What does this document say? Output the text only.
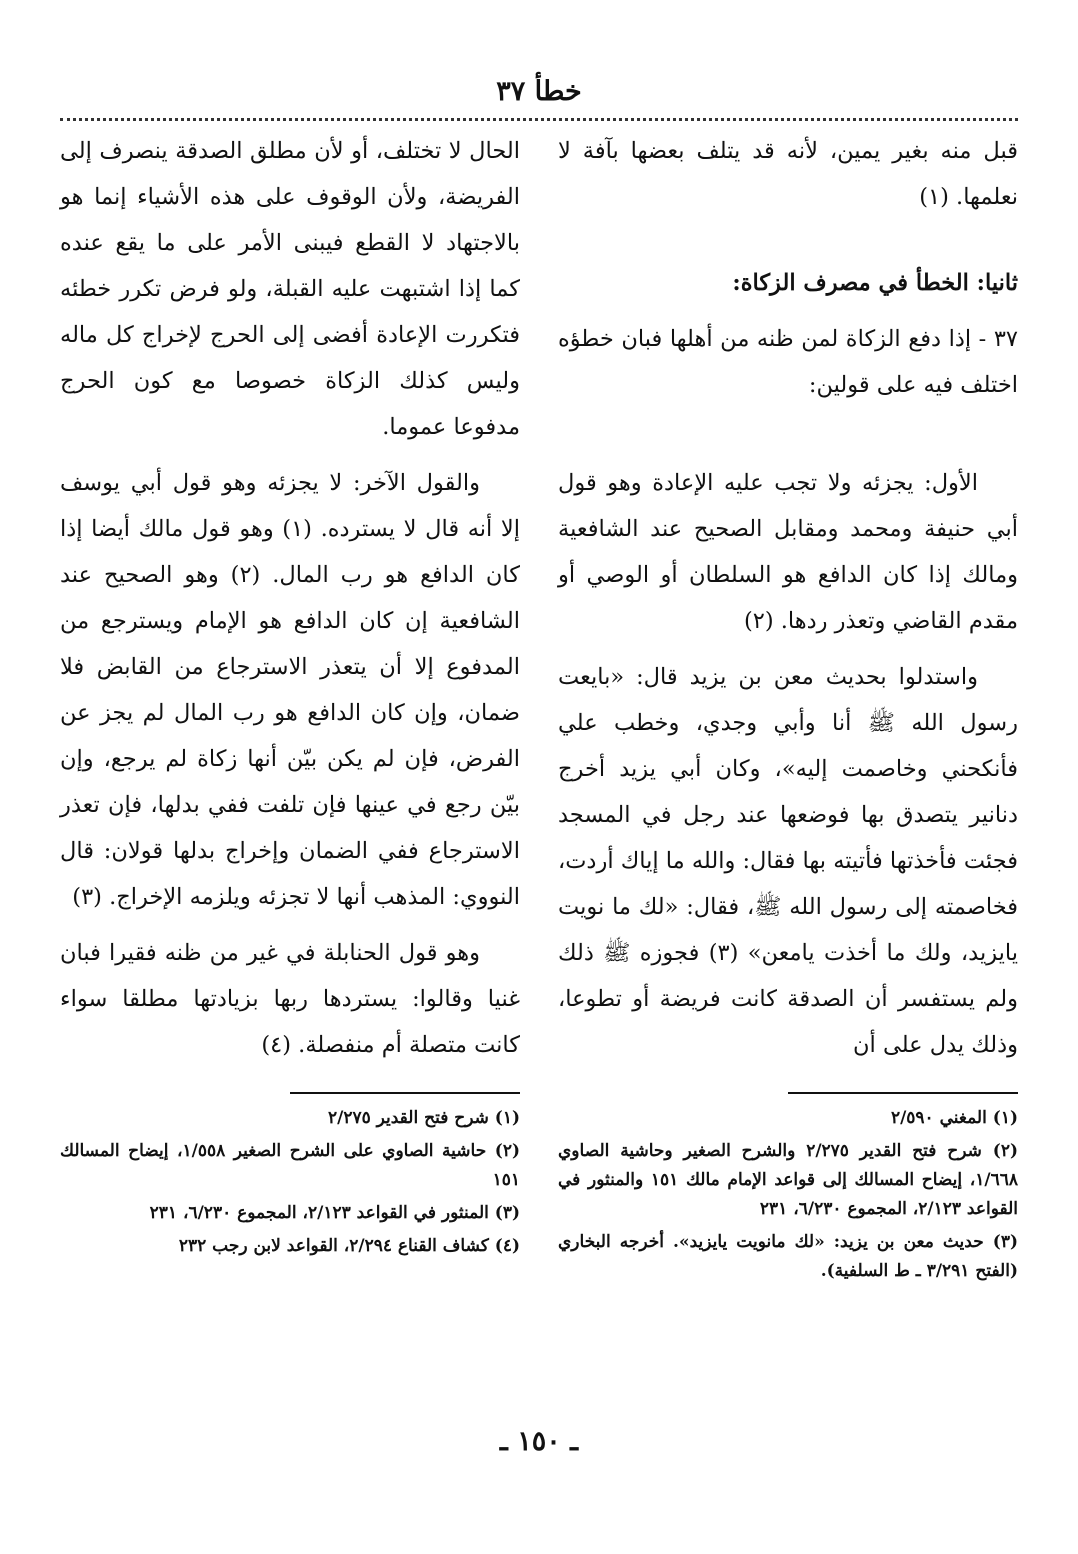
خطأ ٣٧

قبل منه بغير يمين، لأنه قد يتلف بعضها بآفة لا نعلمها. (١)

ثانيا: الخطأ في مصرف الزكاة:

٣٧ - إذا دفع الزكاة لمن ظنه من أهلها فبان خطؤه اختلف فيه على قولين:

الأول: يجزئه ولا تجب عليه الإعادة وهو قول أبي حنيفة ومحمد ومقابل الصحيح عند الشافعية ومالك إذا كان الدافع هو السلطان أو الوصي أو مقدم القاضي وتعذر ردها. (٢)

واستدلوا بحديث معن بن يزيد قال: «بايعت رسول الله ﷺ أنا وأبي وجدي، وخطب علي فأنكحني وخاصمت إليه»، وكان أبي يزيد أخرج دنانير يتصدق بها فوضعها عند رجل في المسجد فجئت فأخذتها فأتيته بها فقال: والله ما إياك أردت، فخاصمته إلى رسول الله ﷺ، فقال: «لك ما نويت يايزيد، ولك ما أخذت يامعن» (٣) فجوزه ﷺ ذلك ولم يستفسر أن الصدقة كانت فريضة أو تطوعا، وذلك يدل على أن

(١) المغني ٢/٥٩٠
(٢) شرح فتح القدير ٢/٢٧٥ والشرح الصغير وحاشية الصاوي ١/٦٦٨، إيضاح المسالك إلى قواعد الإمام مالك ١٥١ والمنثور في القواعد ٢/١٢٣، المجموع ٦/٢٣٠، ٢٣١
(٣) حديث معن بن يزيد: «لك مانويت يايزيد». أخرجه البخاري (الفتح ٣/٢٩١ ـ ط السلفية).

الحال لا تختلف، أو لأن مطلق الصدقة ينصرف إلى الفريضة، ولأن الوقوف على هذه الأشياء إنما هو بالاجتهاد لا القطع فيبنى الأمر على ما يقع عنده كما إذا اشتبهت عليه القبلة، ولو فرض تكرر خطئه فتكررت الإعادة أفضى إلى الحرج لإخراج كل ماله وليس كذلك الزكاة خصوصا مع كون الحرج مدفوعا عموما.

والقول الآخر: لا يجزئه وهو قول أبي يوسف إلا أنه قال لا يسترده. (١) وهو قول مالك أيضا إذا كان الدافع هو رب المال. (٢) وهو الصحيح عند الشافعية إن كان الدافع هو الإمام ويسترجع من المدفوع إلا أن يتعذر الاسترجاع من القابض فلا ضمان، وإن كان الدافع هو رب المال لم يجز عن الفرض، فإن لم يكن بيّن أنها زكاة لم يرجع، وإن بيّن رجع في عينها فإن تلفت ففي بدلها، فإن تعذر الاسترجاع ففي الضمان وإخراج بدلها قولان: قال النووي: المذهب أنها لا تجزئه ويلزمه الإخراج. (٣)

وهو قول الحنابلة في غير من ظنه فقيرا فبان غنيا وقالوا: يستردها ربها بزيادتها مطلقا سواء كانت متصلة أم منفصلة. (٤)

(١) شرح فتح القدير ٢/٢٧٥
(٢) حاشية الصاوي على الشرح الصغير ١/٥٥٨، إيضاح المسالك ١٥١
(٣) المنثور في القواعد ٢/١٢٣، المجموع ٦/٢٣٠، ٢٣١
(٤) كشاف القناع ٢/٢٩٤، القواعد لابن رجب ٢٣٢
ـ ١٥٠ ـ
